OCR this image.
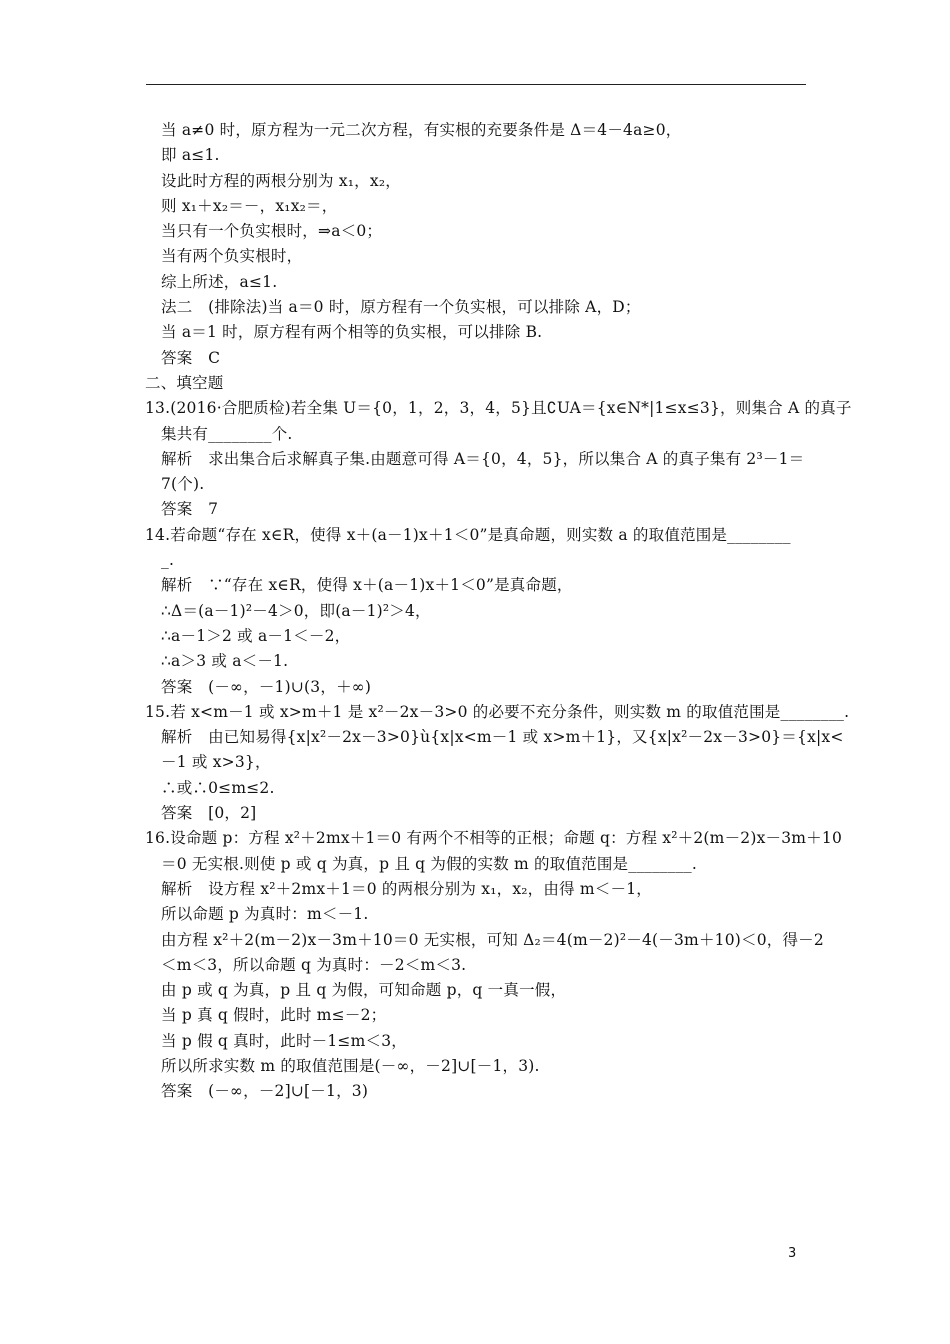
当 a≠0 时，原方程为一元二次方程，有实根的充要条件是 Δ＝4－4a≥0，
即 a≤1.
设此时方程的两根分别为 x₁，x₂，
则 x₁＋x₂＝－，x₁x₂＝，
当只有一个负实根时，⇒a＜0；
当有两个负实根时，
综上所述，a≤1.
法二　(排除法)当 a＝0 时，原方程有一个负实根，可以排除 A，D；
当 a＝1 时，原方程有两个相等的负实根，可以排除 B.
答案　C
二、填空题
13.(2016·合肥质检)若全集 U＝{0，1，2，3，4，5}且∁UA＝{x∈N*|1≤x≤3}，则集合 A 的真子
集共有________个.
解析　求出集合后求解真子集.由题意可得 A＝{0，4，5}，所以集合 A 的真子集有 2³－1＝
7(个).
答案　7
14.若命题“存在 x∈R，使得 x＋(a－1)x＋1＜0”是真命题，则实数 a 的取值范围是________
_.
解析　∵“存在 x∈R，使得 x＋(a－1)x＋1＜0”是真命题，
∴Δ＝(a－1)²－4＞0，即(a－1)²＞4，
∴a－1＞2 或 a－1＜－2，
∴a＞3 或 a＜－1.
答案　(－∞，－1)∪(3，＋∞)
15.若 x<m－1 或 x>m＋1 是 x²－2x－3>0 的必要不充分条件，则实数 m 的取值范围是________.
解析　由已知易得{x|x²－2x－3>0}ù{x|x<m－1 或 x>m＋1}，又{x|x²－2x－3>0}＝{x|x<
－1 或 x>3}，
∴或∴0≤m≤2.
答案　[0，2]
16.设命题 p：方程 x²＋2mx＋1＝0 有两个不相等的正根；命题 q：方程 x²＋2(m－2)x－3m＋10
＝0 无实根.则使 p 或 q 为真，p 且 q 为假的实数 m 的取值范围是________.
解析　设方程 x²＋2mx＋1＝0 的两根分别为 x₁，x₂，由得 m＜－1，
所以命题 p 为真时：m＜－1.
由方程 x²＋2(m－2)x－3m＋10＝0 无实根，可知 Δ₂＝4(m－2)²－4(－3m＋10)＜0，得－2
＜m＜3，所以命题 q 为真时：－2＜m＜3.
由 p 或 q 为真，p 且 q 为假，可知命题 p，q 一真一假，
当 p 真 q 假时，此时 m≤－2；
当 p 假 q 真时，此时－1≤m＜3，
所以所求实数 m 的取值范围是(－∞，－2]∪[－1，3).
答案　(－∞，－2]∪[－1，3)
3
